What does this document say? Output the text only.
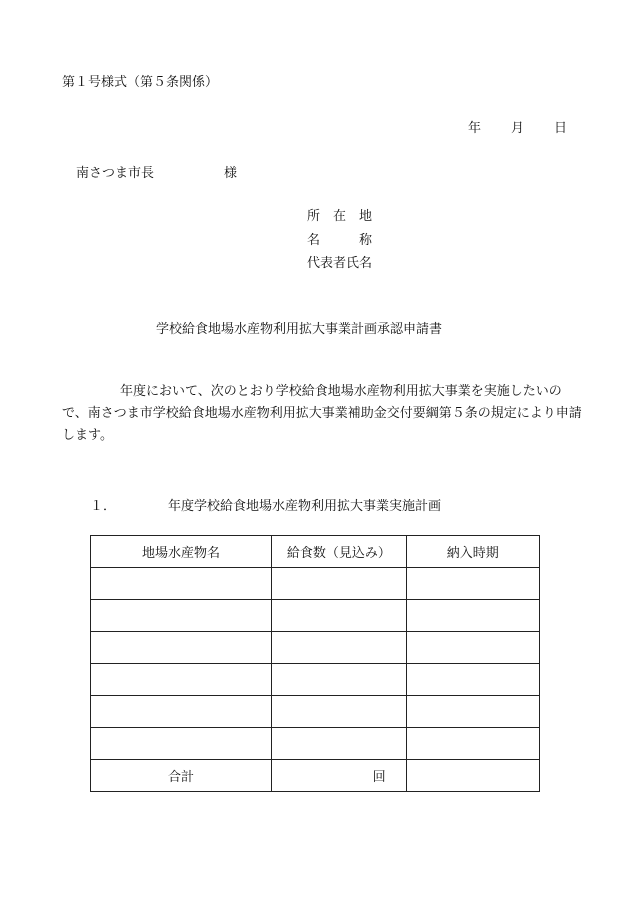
第１号様式（第５条関係）
年 月 日
南さつま市長	様
所　在　地
名　　　称
代表者氏名
学校給食地場水産物利用拡大事業計画承認申請書
年度において、次のとおり学校給食地場水産物利用拡大事業を実施したいので、南さつま市学校給食地場水産物利用拡大事業補助金交付要綱第５条の規定により申請します。
１．	年度学校給食地場水産物利用拡大事業実施計画
地場水産物名	給食数（見込み）	納入時期

合計	回	
